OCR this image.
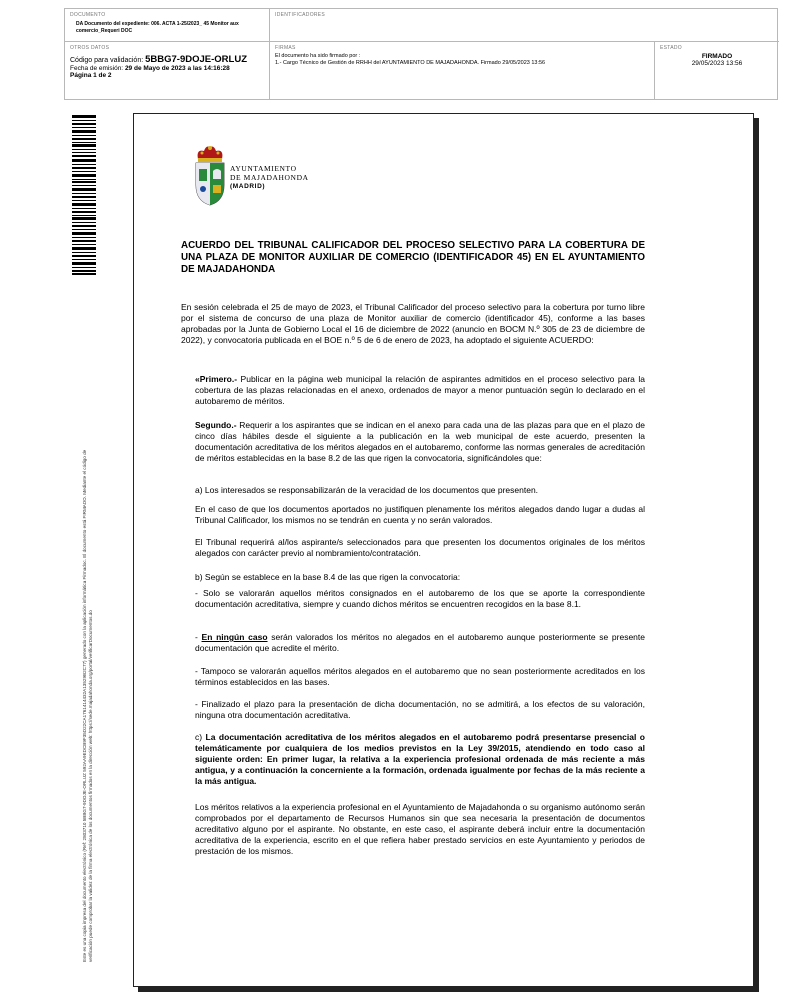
DOCUMENTO
DA Documento del expediente: 006. ACTA 1-25/2023_ 45 Monitor aux comercio_Requeri DOC
IDENTIFICADORES
OTROS DATOS
Código para validación: 5BBG7-9DOJE-ORLUZ
Fecha de emisión: 29 de Mayo de 2023 a las 14:16:28
Página 1 de 2
FIRMAS
El documento ha sido firmado por :
1.- Cargo Técnico de Gestión de RRHH del AYUNTAMIENTO DE MAJADAHONDA. Firmado 29/05/2023 13:56
ESTADO
FIRMADO
29/05/2023 13:56
Este es una copia impresa del documento electrónico (Ref: 2803710 5BBG7-9DOJE-ORLUZ 592AA9EDCB9F35D22CA1761414432A13529B2C77) generado con la aplicación informática Firmadoc. El documento está FIRMADO. Mediante el código de verificación puede comprobar la validez de la firma electrónica de los documentos firmados en la dirección web: https://sede.majadahonda.org/portal/verificarDocumentos.do
AYUNTAMIENTO
DE MAJADAHONDA
(MADRID)
ACUERDO DEL TRIBUNAL CALIFICADOR DEL PROCESO SELECTIVO PARA LA COBERTURA DE UNA PLAZA DE MONITOR AUXILIAR DE COMERCIO (IDENTIFICADOR 45) EN EL AYUNTAMIENTO DE MAJADAHONDA

En sesión celebrada el 25 de mayo de 2023, el Tribunal Calificador del proceso selectivo para la cobertura por turno libre por el sistema de concurso de una plaza de Monitor auxiliar de comercio (identificador 45), conforme a las bases aprobadas por la Junta de Gobierno Local el 16 de diciembre de 2022 (anuncio en BOCM N.º 305 de 23 de diciembre de 2022), y convocatoria publicada en el BOE n.º 5 de 6 de enero de 2023, ha adoptado el siguiente ACUERDO:

«Primero.- Publicar en la página web municipal la relación de aspirantes admitidos en el proceso selectivo para la cobertura de las plazas relacionadas en el anexo, ordenados de mayor a menor puntuación según lo declarado en el autobaremo de méritos.

Segundo.- Requerir a los aspirantes que se indican en el anexo para cada una de las plazas para que en el plazo de cinco días hábiles desde el siguiente a la publicación en la web municipal de este acuerdo, presenten la documentación acreditativa de los méritos alegados en el autobaremo, conforme las normas generales de acreditación de méritos establecidas en la base 8.2 de las que rigen la convocatoria, significándoles que:

a) Los interesados se responsabilizarán de la veracidad de los documentos que presenten.

En el caso de que los documentos aportados no justifiquen plenamente los méritos alegados dando lugar a dudas al Tribunal Calificador, los mismos no se tendrán en cuenta y no serán valorados.

El Tribunal requerirá al/los aspirante/s seleccionados para que presenten los documentos originales de los méritos alegados con carácter previo al nombramiento/contratación.

b) Según se establece en la base 8.4 de las que rigen la convocatoria:

- Solo se valorarán aquellos méritos consignados en el autobaremo de los que se aporte la correspondiente documentación acreditativa, siempre y cuando dichos méritos se encuentren recogidos en la base 8.1.

- En ningún caso serán valorados los méritos no alegados en el autobaremo aunque posteriormente se presente documentación que acredite el mérito.

- Tampoco se valorarán aquellos méritos alegados en el autobaremo que no sean posteriormente acreditados en los términos establecidos en las bases.

- Finalizado el plazo para la presentación de dicha documentación, no se admitirá, a los efectos de su valoración, ninguna otra documentación acreditativa.

c) La documentación acreditativa de los méritos alegados en el autobaremo podrá presentarse presencial o telemáticamente por cualquiera de los medios previstos en la Ley 39/2015, atendiendo en todo caso al siguiente orden: En primer lugar, la relativa a la experiencia profesional ordenada de más reciente a más antigua, y a continuación la concerniente a la formación, ordenada igualmente por fechas de la más reciente a la más antigua.

Los méritos relativos a la experiencia profesional en el Ayuntamiento de Majadahonda o su organismo autónomo serán comprobados por el departamento de Recursos Humanos sin que sea necesaria la presentación de documentos acreditativo alguno por el aspirante. No obstante, en este caso, el aspirante deberá incluir entre la documentación acreditativa de la experiencia, escrito en el que refiera haber prestado servicios en este Ayuntamiento y periodos de prestación de los mismos.
